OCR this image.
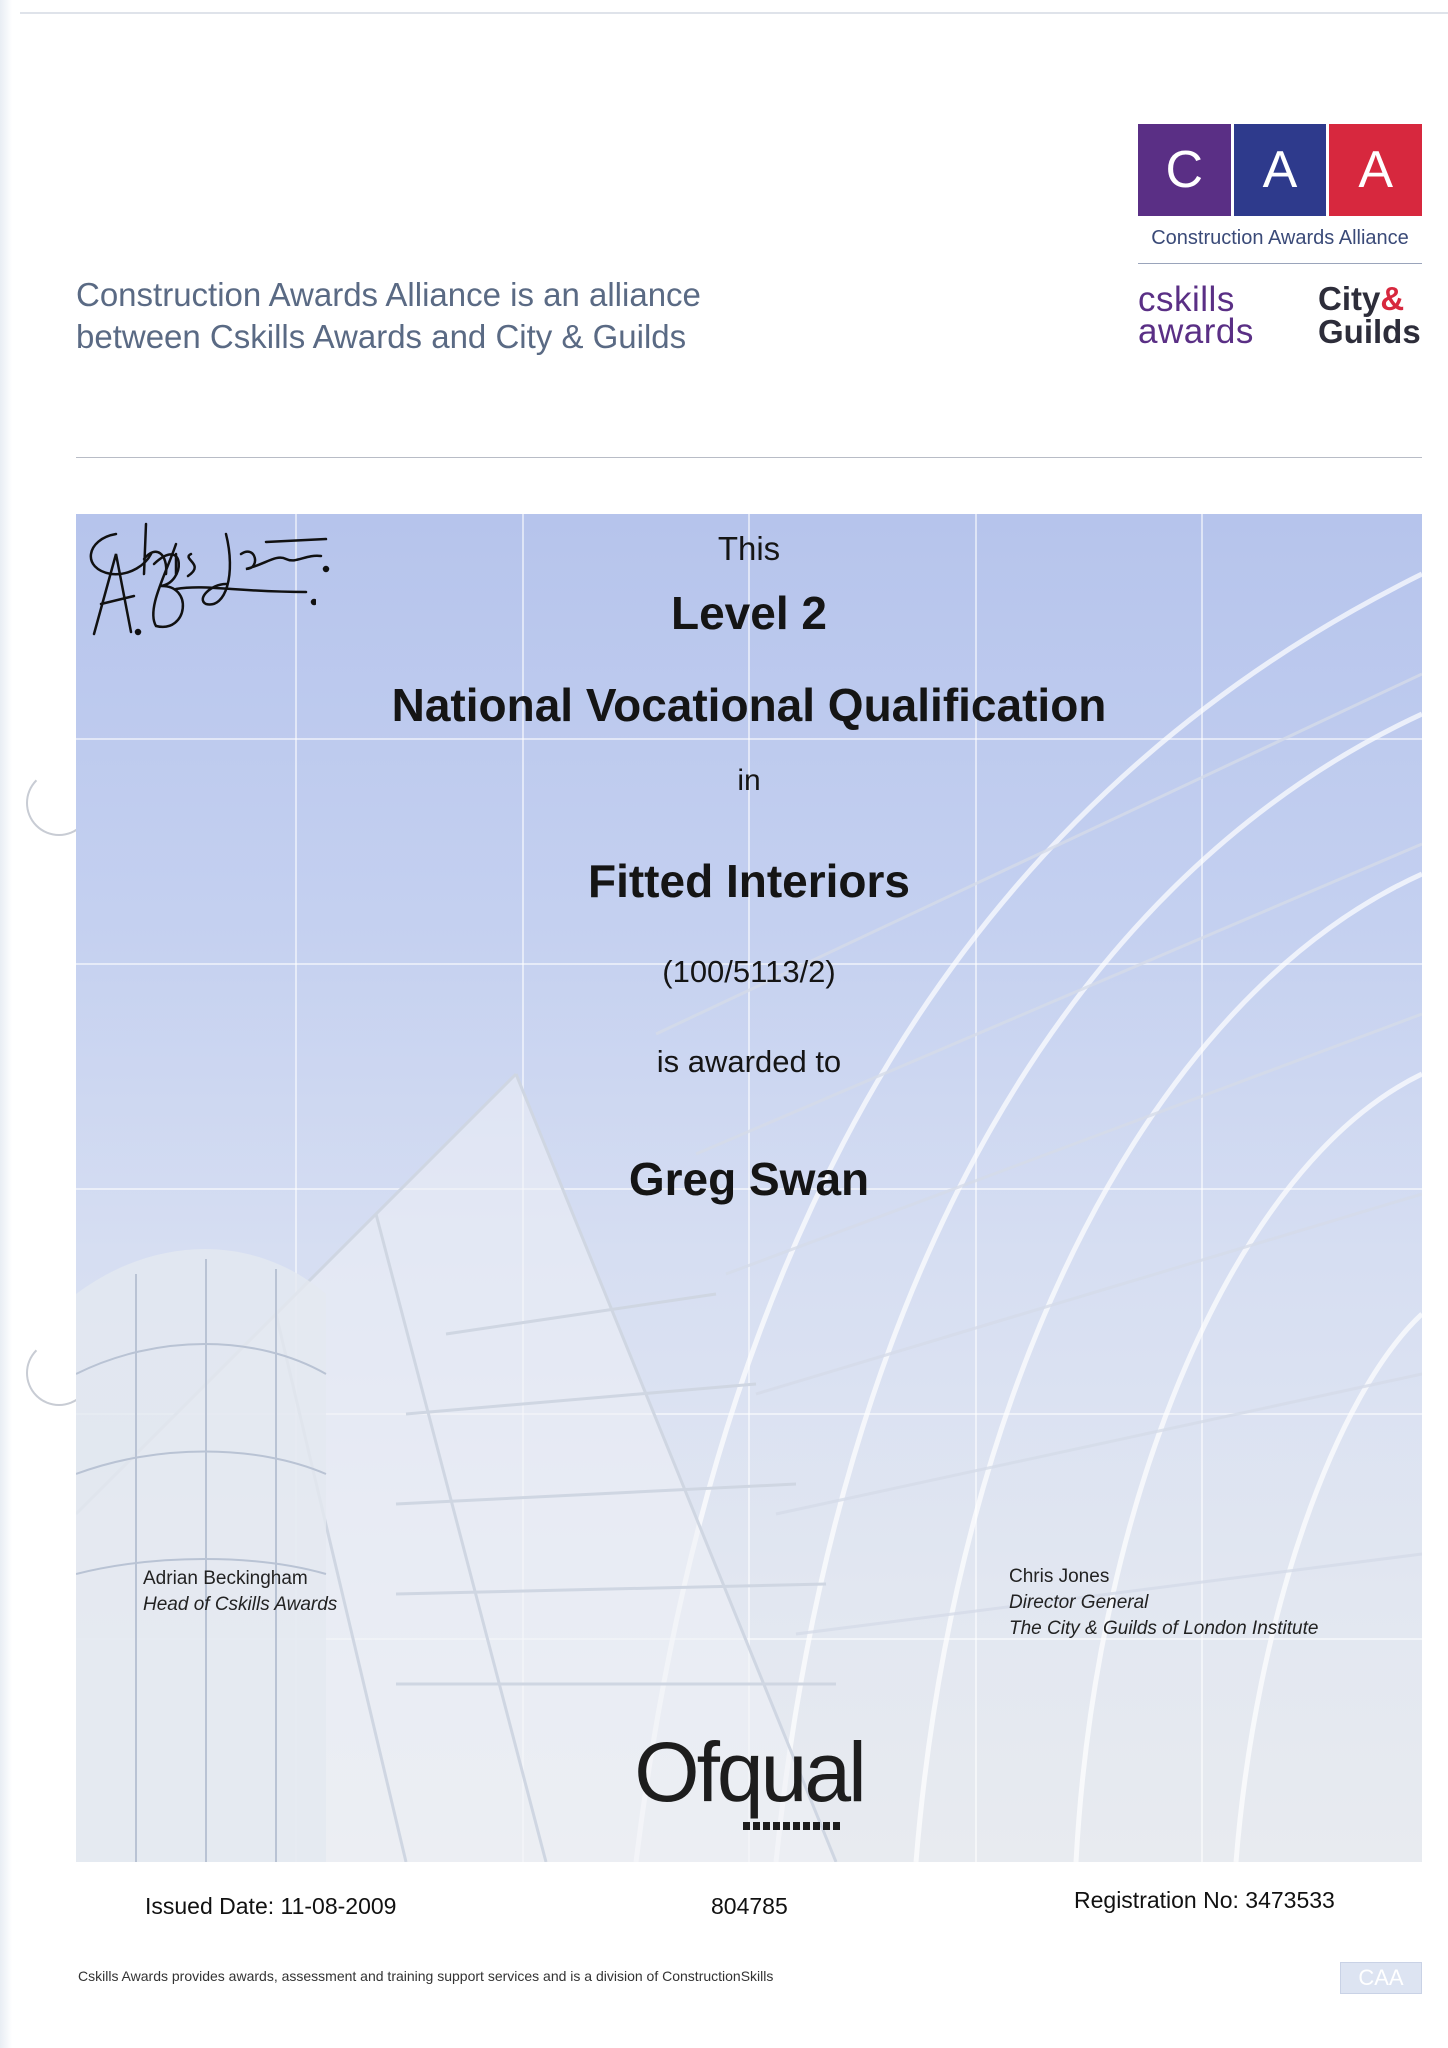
Construction Awards Alliance is an alliance
between Cskills Awards and City & Guilds
C	A	A
Construction Awards Alliance
cskills
awards
City&
Guilds
This
Level 2
National Vocational Qualification
in
Fitted Interiors
(100/5113/2)
is awarded to
Greg Swan
Adrian Beckingham
Head of Cskills Awards
Chris Jones
Director General
The City & Guilds of London Institute
Ofqual
Issued Date: 11-08-2009	804785	Registration No: 3473533
Cskills Awards provides awards, assessment and training support services and is a division of ConstructionSkills	CAA
